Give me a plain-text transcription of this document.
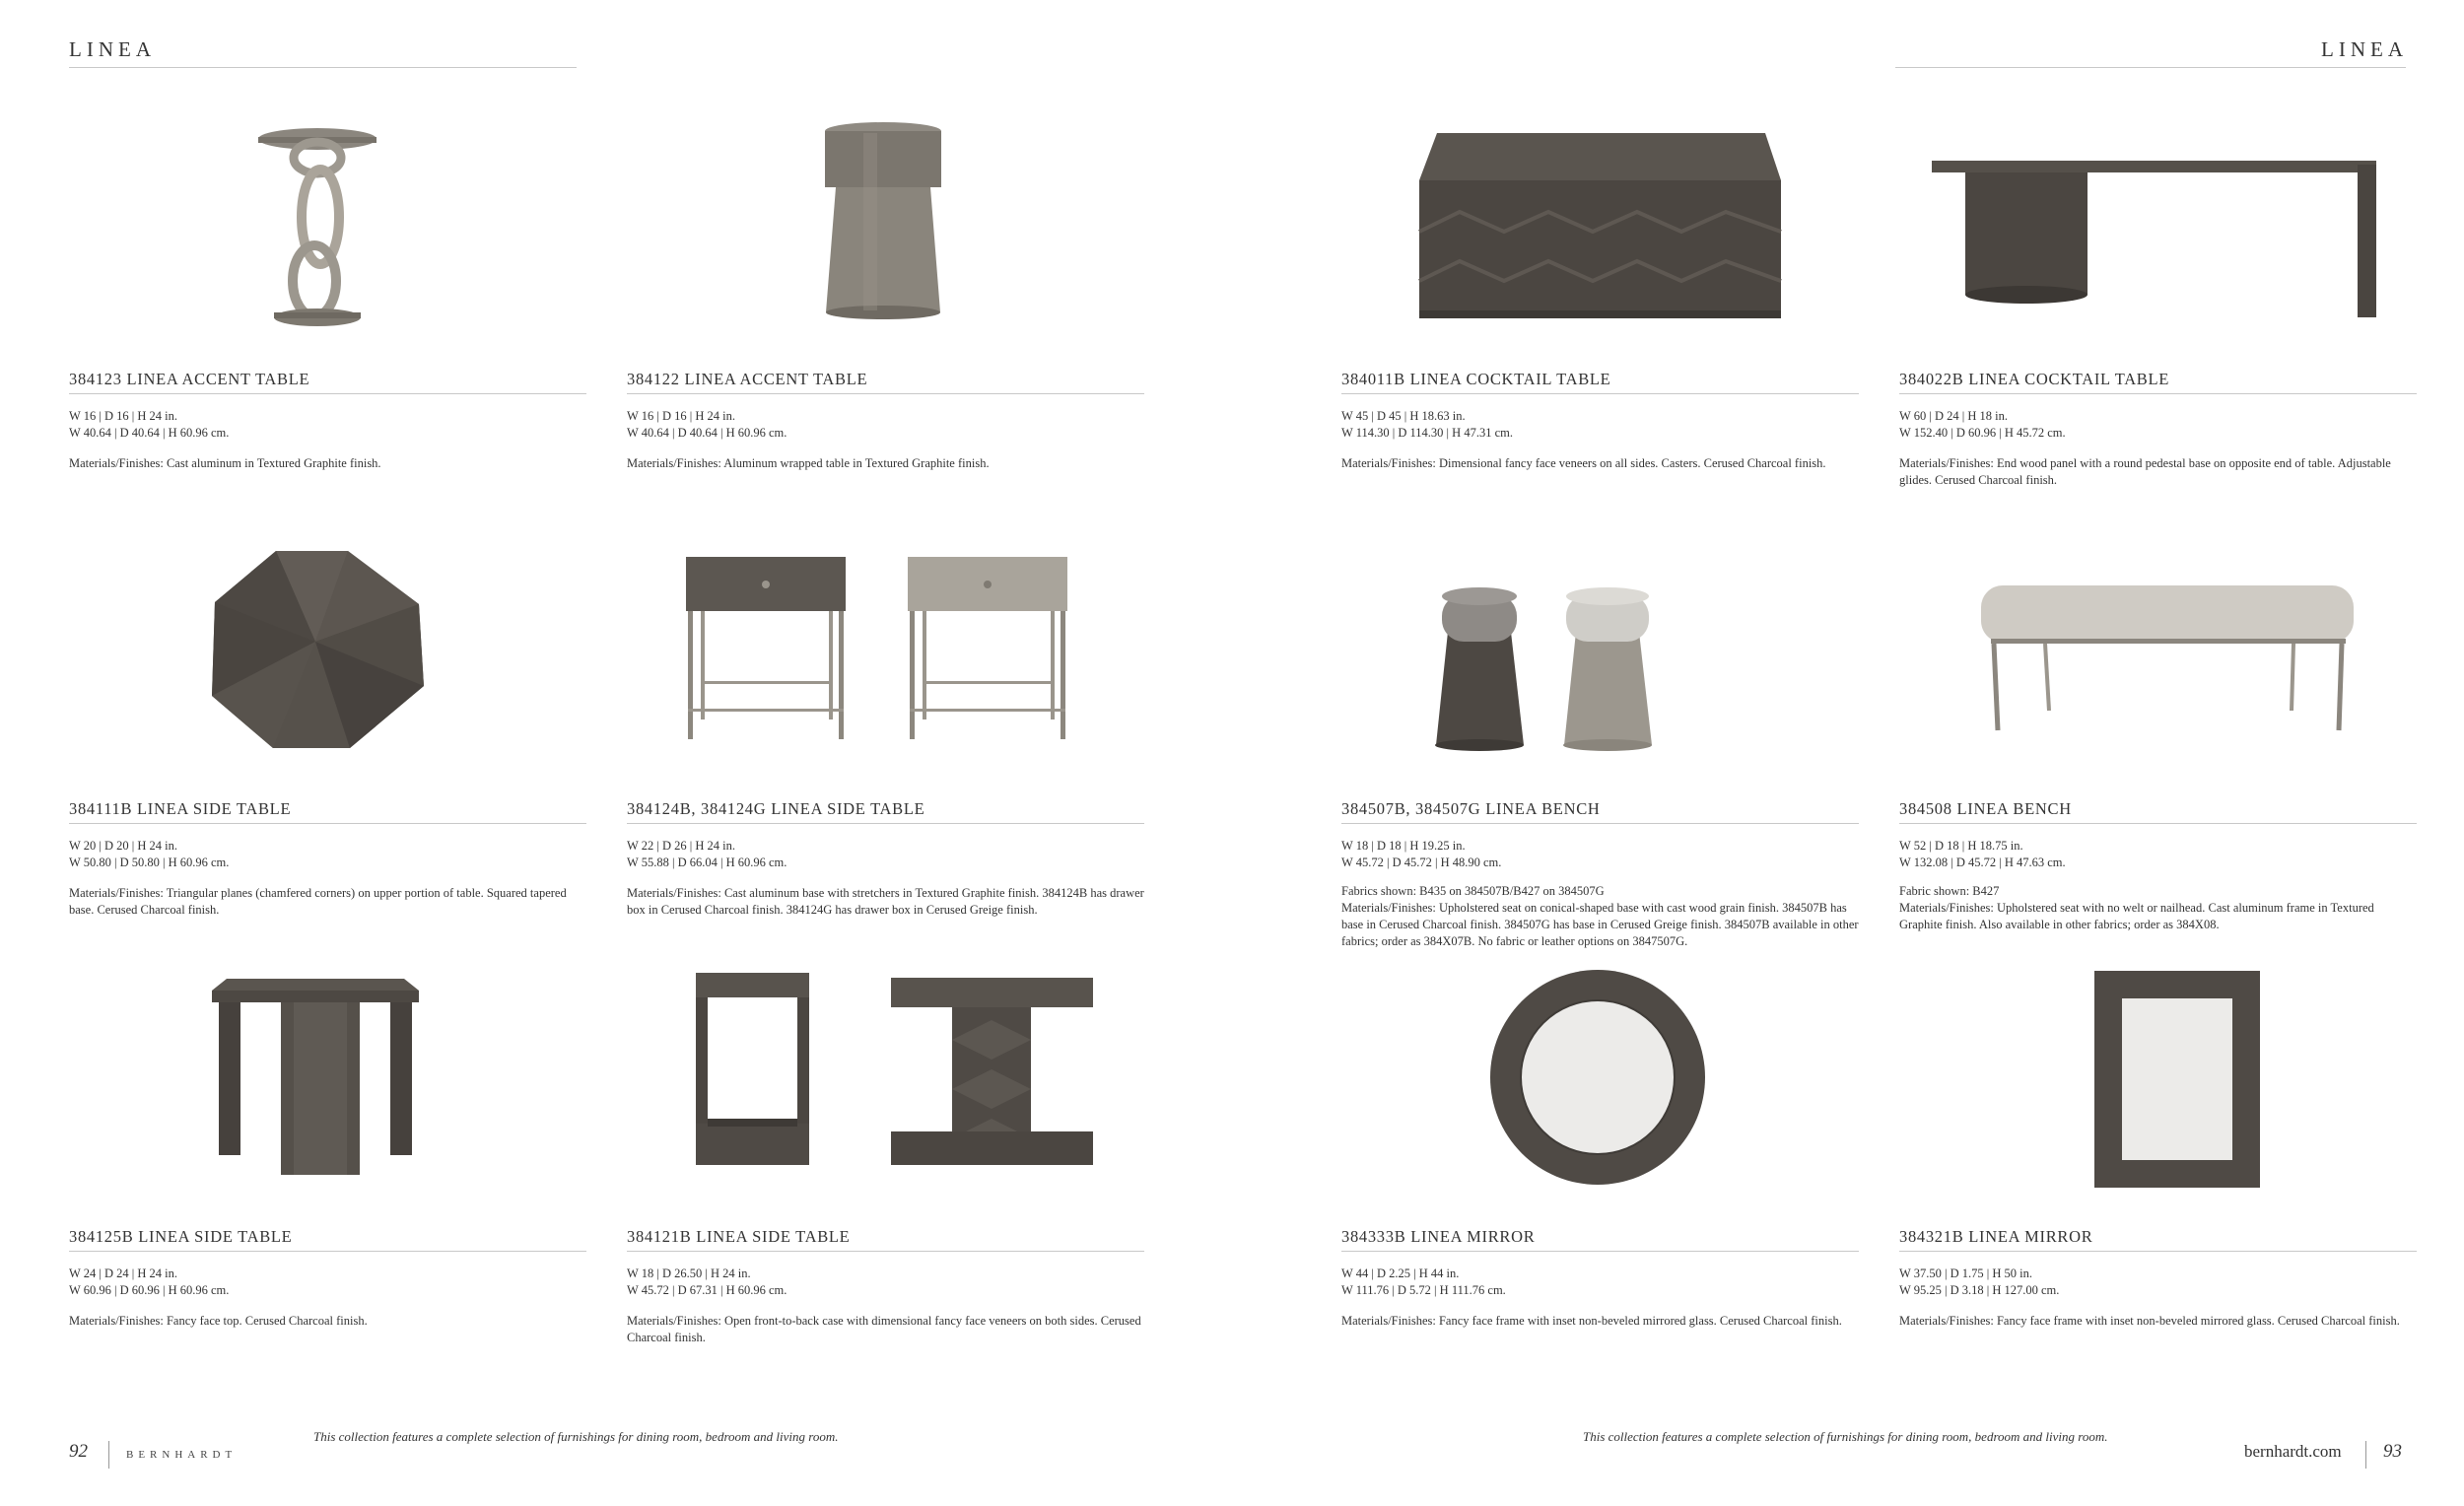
LINEA	LINEA
384123 LINEA ACCENT TABLE
W 16 | D 16 | H 24 in.
W 40.64 | D 40.64 | H 60.96 cm.
Materials/Finishes: Cast aluminum in Textured Graphite finish.
384122 LINEA ACCENT TABLE
W 16 | D 16 | H 24 in.
W 40.64 | D 40.64 | H 60.96 cm.
Materials/Finishes: Aluminum wrapped table in Textured Graphite finish.
384011B LINEA COCKTAIL TABLE
W 45 | D 45 | H 18.63 in.
W 114.30 | D 114.30 | H 47.31 cm.
Materials/Finishes: Dimensional fancy face veneers on all sides. Casters. Cerused Charcoal finish.
384022B LINEA COCKTAIL TABLE
W 60 | D 24 | H 18 in.
W 152.40 | D 60.96 | H 45.72 cm.
Materials/Finishes: End wood panel with a round pedestal base on opposite end of table. Adjustable glides. Cerused Charcoal finish.
384111B LINEA SIDE TABLE
W 20 | D 20 | H 24 in.
W 50.80 | D 50.80 | H 60.96 cm.
Materials/Finishes: Triangular planes (chamfered corners) on upper portion of table. Squared tapered base. Cerused Charcoal finish.
384124B, 384124G LINEA SIDE TABLE
W 22 | D 26 | H 24 in.
W 55.88 | D 66.04 | H 60.96 cm.
Materials/Finishes: Cast aluminum base with stretchers in Textured Graphite finish. 384124B has drawer box in Cerused Charcoal finish. 384124G has drawer box in Cerused Greige finish.
384507B, 384507G LINEA BENCH
W 18 | D 18 | H 19.25 in.
W 45.72 | D 45.72 | H 48.90 cm.
Fabrics shown: B435 on 384507B/B427 on 384507G
Materials/Finishes: Upholstered seat on conical-shaped base with cast wood grain finish. 384507B has base in Cerused Charcoal finish. 384507G has base in Cerused Greige finish. 384507B available in other fabrics; order as 384X07B. No fabric or leather options on 3847507G.
384508 LINEA BENCH
W 52 | D 18 | H 18.75 in.
W 132.08 | D 45.72 | H 47.63 cm.
Fabric shown: B427
Materials/Finishes: Upholstered seat with no welt or nailhead. Cast aluminum frame in Textured Graphite finish. Also available in other fabrics; order as 384X08.
384125B LINEA SIDE TABLE
W 24 | D 24 | H 24 in.
W 60.96 | D 60.96 | H 60.96 cm.
Materials/Finishes: Fancy face top. Cerused Charcoal finish.
384121B LINEA SIDE TABLE
W 18 | D 26.50 | H 24 in.
W 45.72 | D 67.31 | H 60.96 cm.
Materials/Finishes: Open front-to-back case with dimensional fancy face veneers on both sides. Cerused Charcoal finish.
384333B LINEA MIRROR
W 44 | D 2.25 | H 44 in.
W 111.76 | D 5.72 | H 111.76 cm.
Materials/Finishes: Fancy face frame with inset non-beveled mirrored glass. Cerused Charcoal finish.
384321B LINEA MIRROR
W 37.50 | D 1.75 | H 50 in.
W 95.25 | D 3.18 | H 127.00 cm.
Materials/Finishes: Fancy face frame with inset non-beveled mirrored glass. Cerused Charcoal finish.
92	BERNHARDT
This collection features a complete selection of furnishings for dining room, bedroom and living room.	This collection features a complete selection of furnishings for dining room, bedroom and living room.
bernhardt.com 93
